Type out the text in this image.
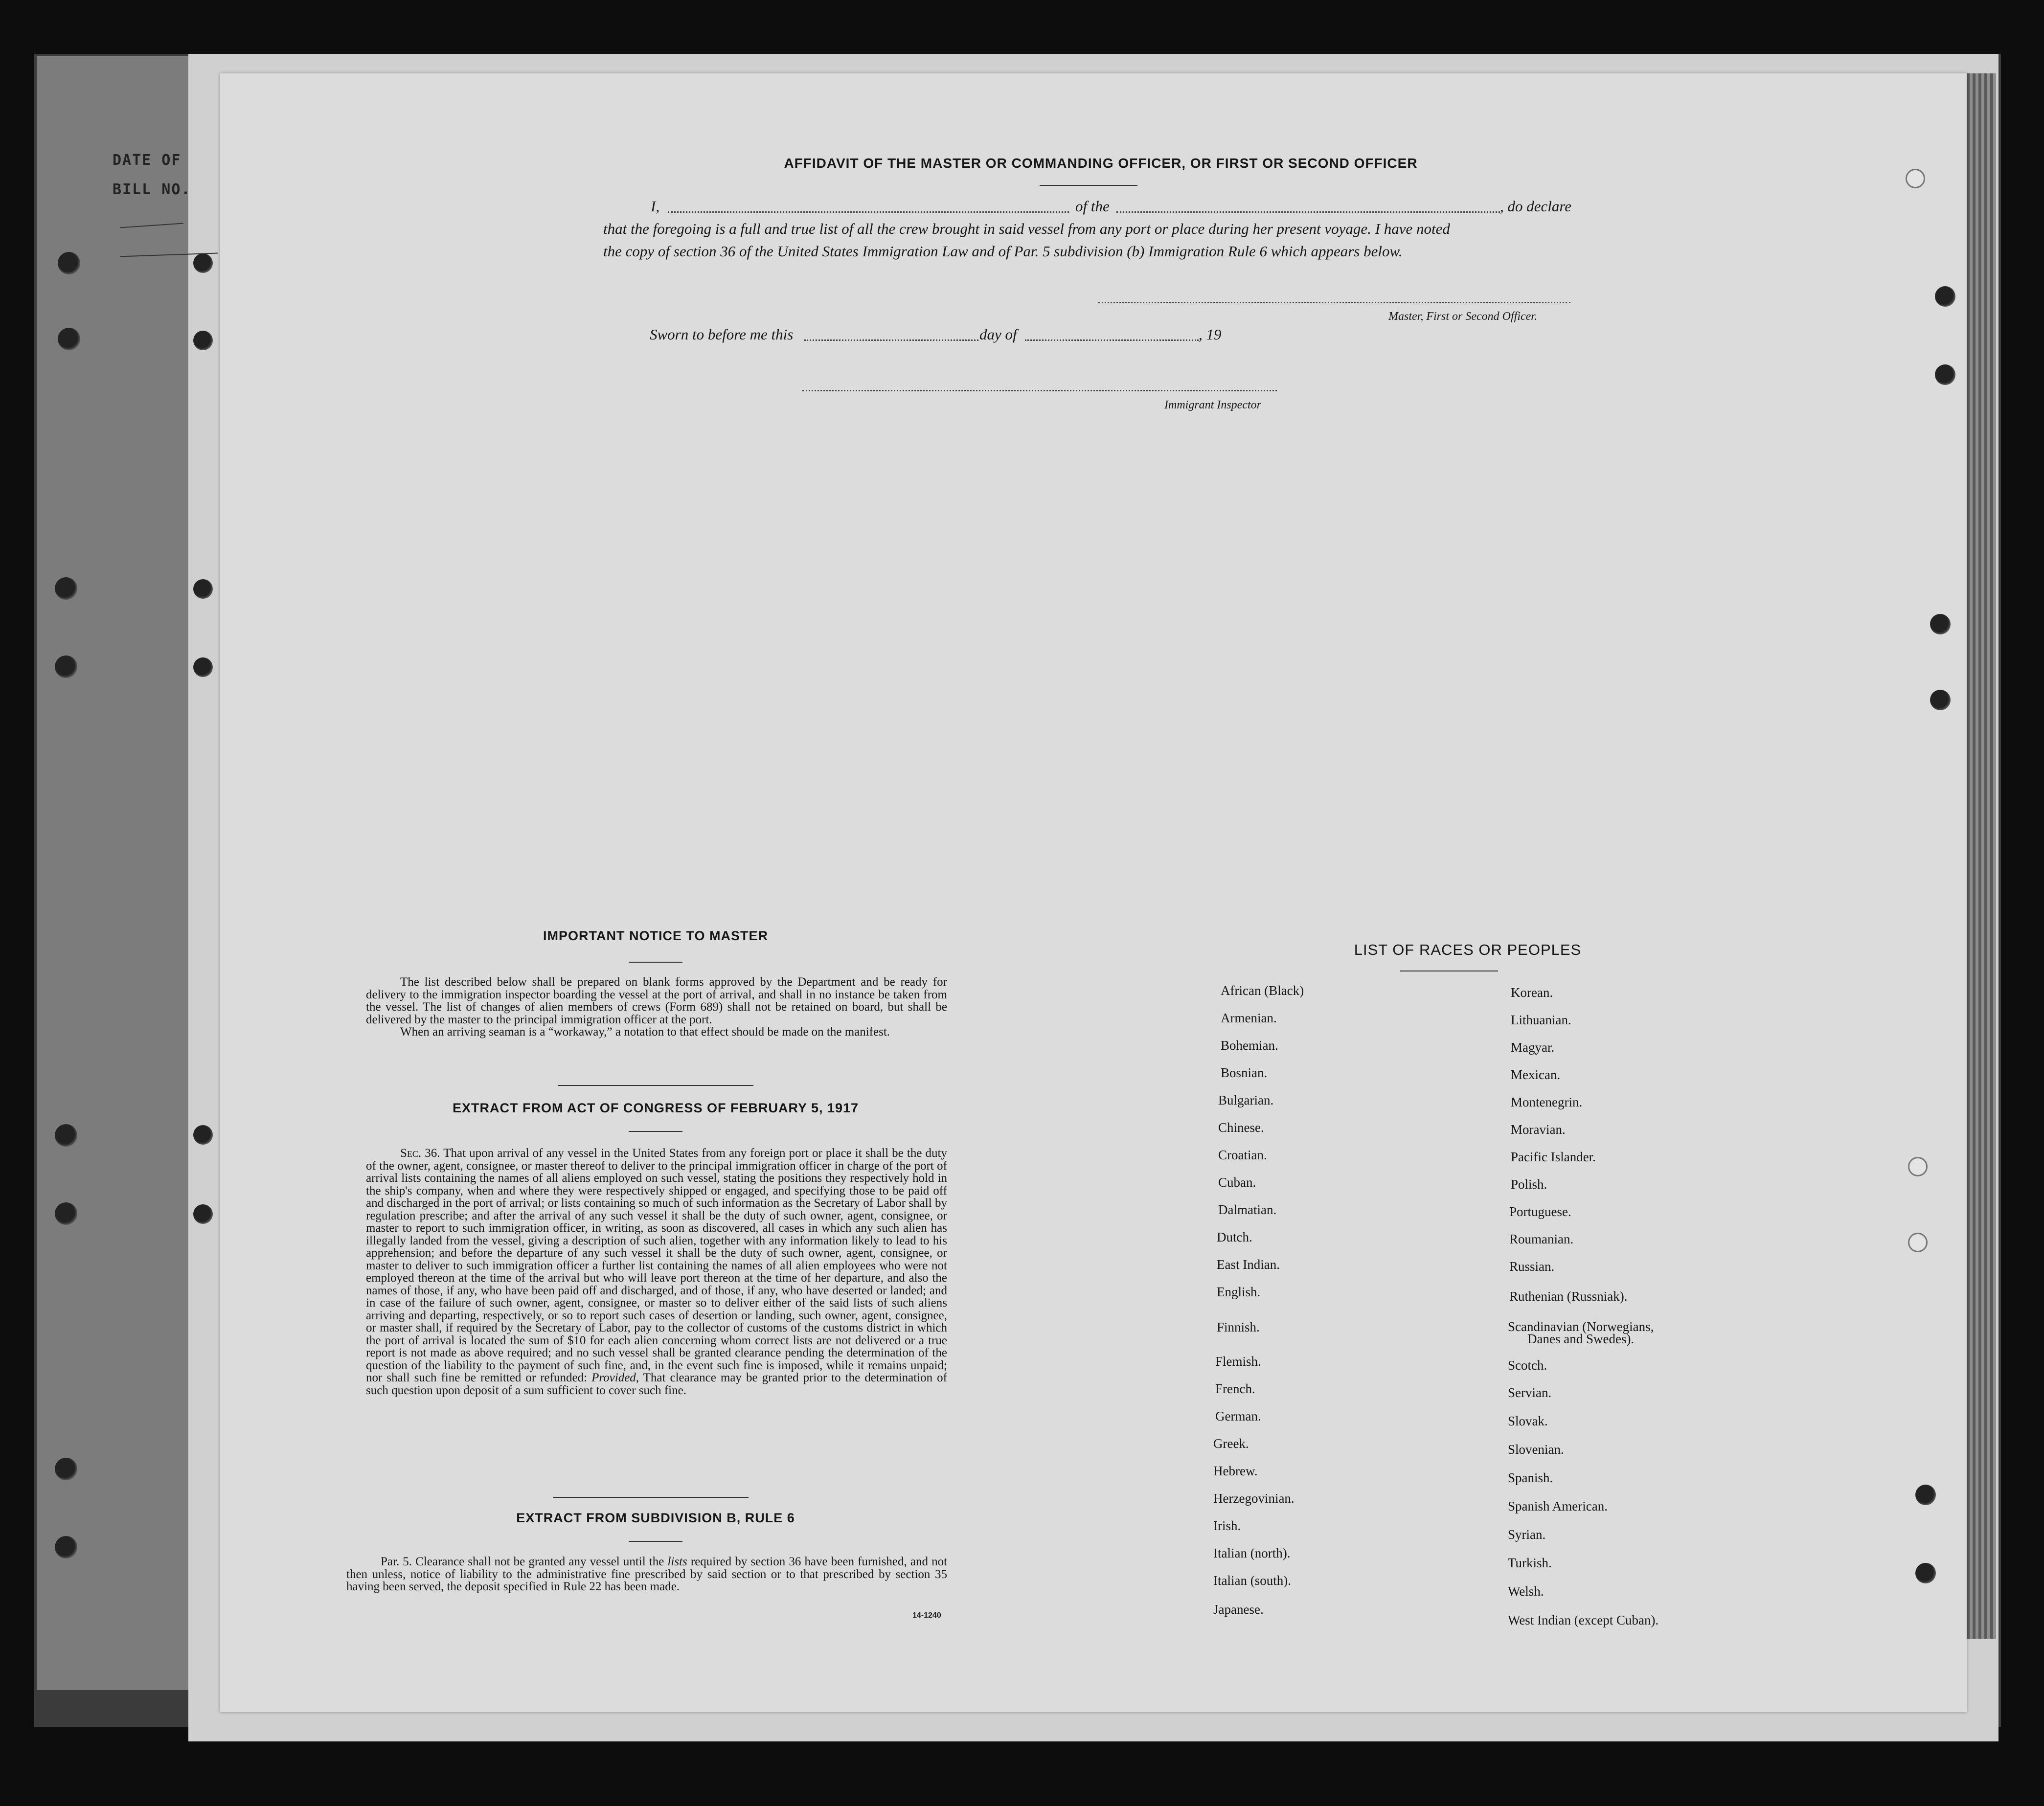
DATE OF
BILL NO.
AFFIDAVIT OF THE MASTER OR COMMANDING OFFICER, OR FIRST OR SECOND OFFICER
I,	of the	, do declare
that the foregoing is a full and true list of all the crew brought in said vessel from any port or place during her present voyage. I have noted
the copy of section 36 of the United States Immigration Law and of Par. 5 subdivision (b) Immigration Rule 6 which appears below.
Master, First or Second Officer.
Sworn to before me this	day of	, 19
Immigrant Inspector
IMPORTANT NOTICE TO MASTER

The list described below shall be prepared on blank forms approved by the Department and be ready for delivery to the immigration inspector boarding the vessel at the port of arrival, and shall in no instance be taken from the vessel. The list of changes of alien members of crews (Form 689) shall not be retained on board, but shall be delivered by the master to the principal immigration officer at the port.

When an arriving seaman is a “workaway,” a notation to that effect should be made on the manifest.

EXTRACT FROM ACT OF CONGRESS OF FEBRUARY 5, 1917

Sec. 36. That upon arrival of any vessel in the United States from any foreign port or place it shall be the duty of the owner, agent, consignee, or master thereof to deliver to the principal immigration officer in charge of the port of arrival lists containing the names of all aliens employed on such vessel, stating the positions they respectively hold in the ship's company, when and where they were respectively shipped or engaged, and specifying those to be paid off and discharged in the port of arrival; or lists containing so much of such information as the Secretary of Labor shall by regulation prescribe; and after the arrival of any such vessel it shall be the duty of such owner, agent, consignee, or master to report to such immigration officer, in writing, as soon as discovered, all cases in which any such alien has illegally landed from the vessel, giving a description of such alien, together with any information likely to lead to his apprehension; and before the departure of any such vessel it shall be the duty of such owner, agent, consignee, or master to deliver to such immigration officer a further list containing the names of all alien employees who were not employed thereon at the time of the arrival but who will leave port thereon at the time of her departure, and also the names of those, if any, who have been paid off and discharged, and of those, if any, who have deserted or landed; and in case of the failure of such owner, agent, consignee, or master so to deliver either of the said lists of such aliens arriving and departing, respectively, or so to report such cases of desertion or landing, such owner, agent, consignee, or master shall, if required by the Secretary of Labor, pay to the collector of customs of the customs district in which the port of arrival is located the sum of $10 for each alien concerning whom correct lists are not delivered or a true report is not made as above required; and no such vessel shall be granted clearance pending the determination of the question of the liability to the payment of such fine, and, in the event such fine is imposed, while it remains unpaid; nor shall such fine be remitted or refunded: Provided, That clearance may be granted prior to the determination of such question upon deposit of a sum sufficient to cover such fine.

EXTRACT FROM SUBDIVISION B, RULE 6

Par. 5. Clearance shall not be granted any vessel until the lists required by section 36 have been furnished, and not then unless, notice of liability to the administrative fine prescribed by said section or to that prescribed by section 35 having been served, the deposit specified in Rule 22 has been made.

14-1240
LIST OF RACES OR PEOPLES
African (Black)
Armenian.
Bohemian.
Bosnian.
Bulgarian.
Chinese.
Croatian.
Cuban.
Dalmatian.
Dutch.
East Indian.
English.
Finnish.
Flemish.
French.
German.
Greek.
Hebrew.
Herzegovinian.
Irish.
Italian (north).
Italian (south).
Japanese.
Korean.
Lithuanian.
Magyar.
Mexican.
Montenegrin.
Moravian.
Pacific Islander.
Polish.
Portuguese.
Roumanian.
Russian.
Ruthenian (Russniak).
Scandinavian (Norwegians,
Danes and Swedes).
Scotch.
Servian.
Slovak.
Slovenian.
Spanish.
Spanish American.
Syrian.
Turkish.
Welsh.
West Indian (except Cuban).
